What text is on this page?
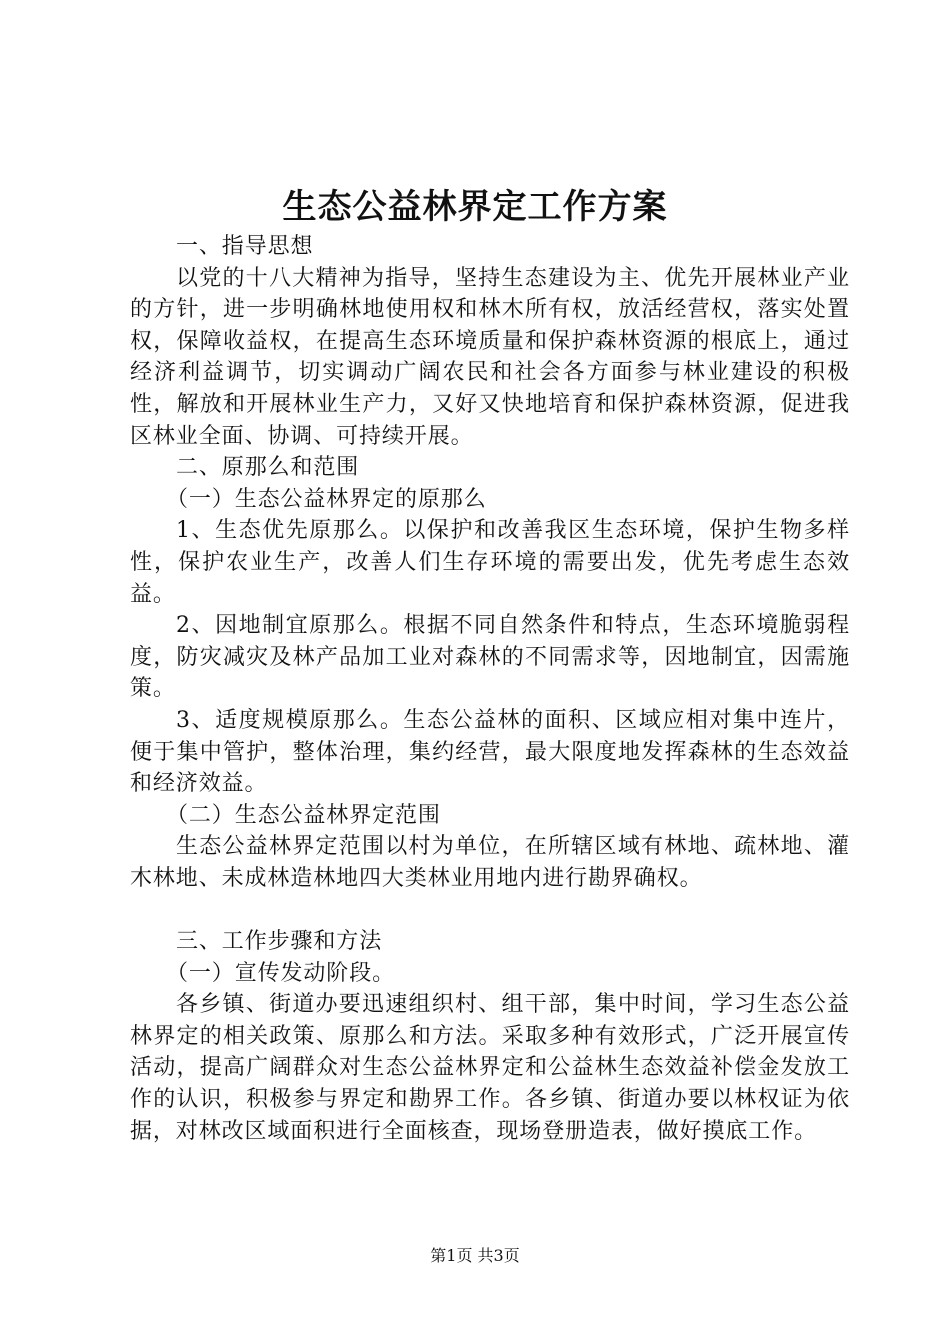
生态公益林界定工作方案

一、指导思想

以党的十八大精神为指导，坚持生态建设为主、优先开展林业产业的方针，进一步明确林地使用权和林木所有权，放活经营权，落实处置权，保障收益权，在提高生态环境质量和保护森林资源的根底上，通过经济利益调节，切实调动广阔农民和社会各方面参与林业建设的积极性，解放和开展林业生产力，又好又快地培育和保护森林资源，促进我区林业全面、协调、可持续开展。

二、原那么和范围

（一）生态公益林界定的原那么

1、生态优先原那么。以保护和改善我区生态环境，保护生物多样性，保护农业生产，改善人们生存环境的需要出发，优先考虑生态效益。

2、因地制宜原那么。根据不同自然条件和特点，生态环境脆弱程度，防灾减灾及林产品加工业对森林的不同需求等，因地制宜，因需施策。

3、适度规模原那么。生态公益林的面积、区域应相对集中连片，便于集中管护，整体治理，集约经营，最大限度地发挥森林的生态效益和经济效益。

（二）生态公益林界定范围

生态公益林界定范围以村为单位，在所辖区域有林地、疏林地、灌木林地、未成林造林地四大类林业用地内进行勘界确权。

三、工作步骤和方法

（一）宣传发动阶段。

各乡镇、街道办要迅速组织村、组干部，集中时间，学习生态公益林界定的相关政策、原那么和方法。采取多种有效形式，广泛开展宣传活动，提高广阔群众对生态公益林界定和公益林生态效益补偿金发放工作的认识，积极参与界定和勘界工作。各乡镇、街道办要以林权证为依据，对林改区域面积进行全面核查，现场登册造表，做好摸底工作。

第1页 共3页
